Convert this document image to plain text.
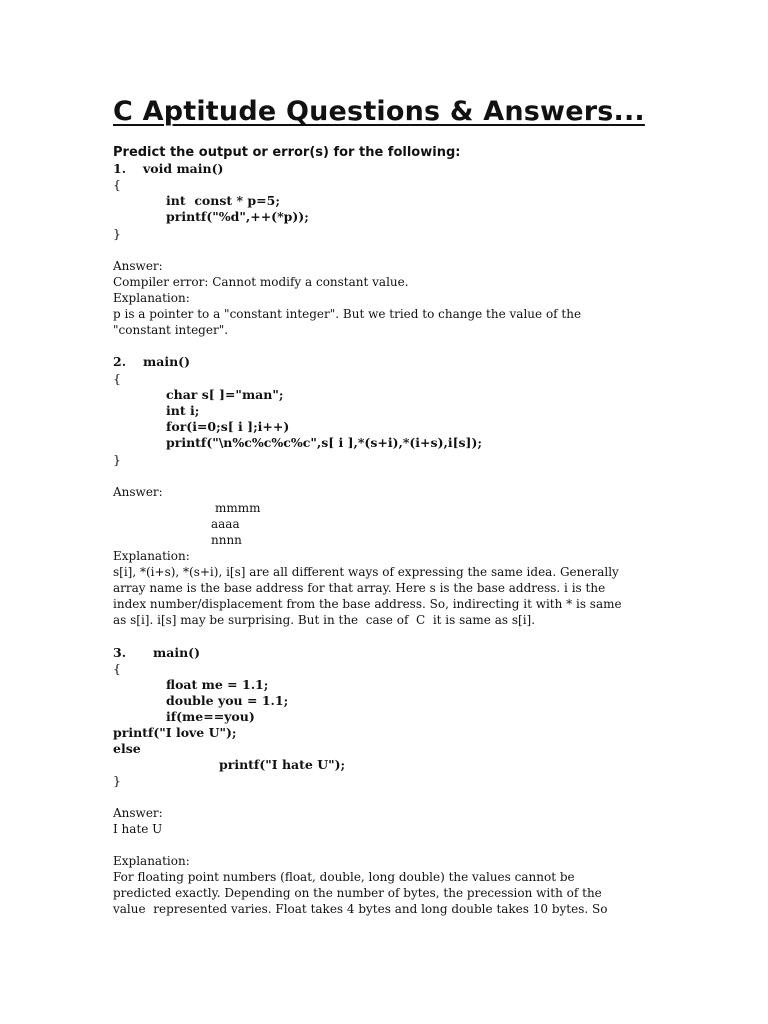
C Aptitude Questions & Answers...
Predict the output or error(s) for the following:
1. void main()
{
int  const * p=5;
printf("%d",++(*p));
}
Answer:
Compiler error: Cannot modify a constant value.
Explanation:
p is a pointer to a "constant integer". But we tried to change the value of the
"constant integer".
2. main()
{
char s[ ]="man";
int i;
for(i=0;s[ i ];i++)
printf("\n%c%c%c%c",s[ i ],*(s+i),*(i+s),i[s]);
}
Answer:
mmmm
aaaa
nnnn
Explanation:
s[i], *(i+s), *(s+i), i[s] are all different ways of expressing the same idea. Generally
array name is the base address for that array. Here s is the base address. i is the
index number/displacement from the base address. So, indirecting it with * is same
as s[i]. i[s] may be surprising. But in the  case of  C  it is same as s[i].
3. main()
{
float me = 1.1;
double you = 1.1;
if(me==you)
printf("I love U");
else
printf("I hate U");
}
Answer:
I hate U
Explanation:
For floating point numbers (float, double, long double) the values cannot be
predicted exactly. Depending on the number of bytes, the precession with of the
value  represented varies. Float takes 4 bytes and long double takes 10 bytes. So
